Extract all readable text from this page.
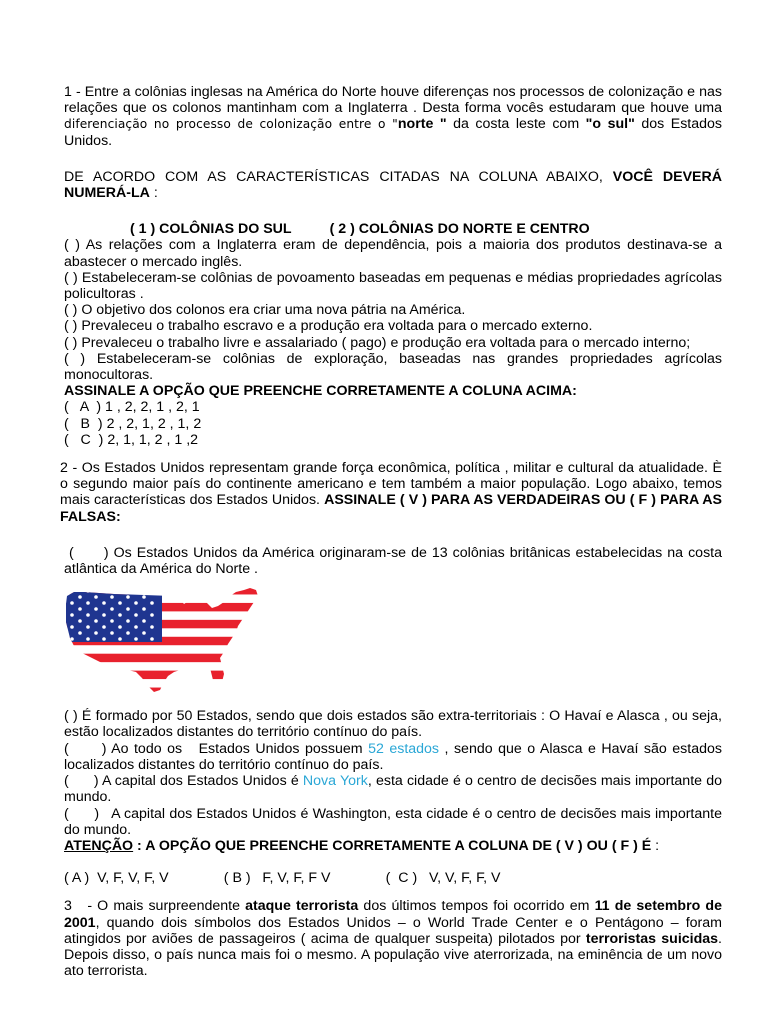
1 - Entre a colônias inglesas na América do Norte houve diferenças nos processos de colonização e nas relações que os colonos mantinham com a Inglaterra . Desta forma vocês estudaram que houve uma diferenciação no processo de colonização entre o "norte " da costa leste com "o sul" dos Estados Unidos.

DE ACORDO COM AS CARACTERÍSTICAS CITADAS NA COLUNA ABAIXO, VOCÊ DEVERÁ NUMERÁ-LA :

( 1 ) COLÔNIAS DO SUL	( 2 ) COLÔNIAS DO NORTE E CENTRO

( ) As relações com a Inglaterra eram de dependência, pois a maioria dos produtos destinava-se a abastecer o mercado inglês.

( ) Estabeleceram-se colônias de povoamento baseadas em pequenas e médias propriedades agrícolas policultoras .

( ) O objetivo dos colonos era criar uma nova pátria na América.

( ) Prevaleceu o trabalho escravo e a produção era voltada para o mercado externo.

( ) Prevaleceu o trabalho livre e assalariado ( pago) e produção era voltada para o mercado interno;

( ) Estabeleceram-se colônias de exploração, baseadas nas grandes propriedades agrícolas monocultoras.

ASSINALE A OPÇÃO QUE PREENCHE CORRETAMENTE A COLUNA ACIMA:

(   A  ) 1 , 2, 2, 1 , 2, 1

(   B  ) 2 , 2, 1, 2 , 1, 2

(   C  ) 2, 1, 1, 2 , 1 ,2

2 - Os Estados Unidos representam grande força econômica, política , militar e cultural da atualidade. È o segundo maior país do continente americano e tem também a maior população. Logo abaixo, temos mais características dos Estados Unidos. ASSINALE ( V ) PARA AS VERDADEIRAS OU ( F ) PARA AS FALSAS:

(      ) Os Estados Unidos da América originaram-se de 13 colônias britânicas estabelecidas na costa atlântica da América do Norte .

( ) É formado por 50 Estados, sendo que dois estados são extra-territoriais : O Havaí e Alasca , ou seja, estão localizados distantes do território contínuo do país.

(      ) Ao todo os   Estados Unidos possuem 52 estados , sendo que o Alasca e Havaí são estados localizados distantes do território contínuo do país.

(      ) A capital dos Estados Unidos é Nova York, esta cidade é o centro de decisões mais importante do mundo.

(      )   A capital dos Estados Unidos é Washington, esta cidade é o centro de decisões mais importante do mundo.

ATENÇÃO : A OPÇÃO QUE PREENCHE CORRETAMENTE A COLUNA DE ( V ) OU ( F ) É :

( A )  V, F, V, F, V              ( B )   F, V, F, F V              (  C )   V, V, F, F, V

3   - O mais surpreendente ataque terrorista dos últimos tempos foi ocorrido em 11 de setembro de 2001, quando dois símbolos dos Estados Unidos – o World Trade Center e o Pentágono – foram atingidos por aviões de passageiros ( acima de qualquer suspeita) pilotados por terroristas suicidas. Depois disso, o país nunca mais foi o mesmo. A população vive aterrorizada, na eminência de um novo ato terrorista.
